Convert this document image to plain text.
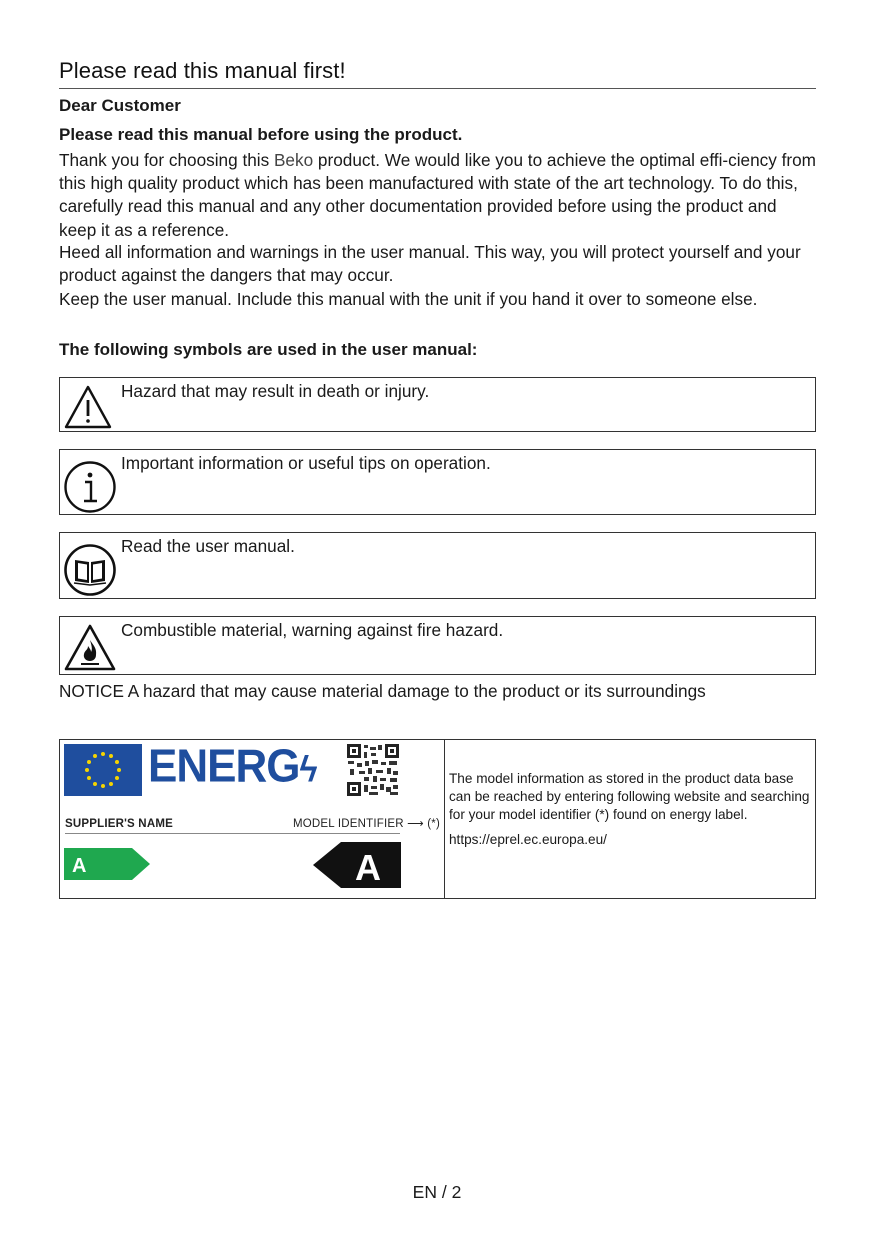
Please read this manual first!
Dear Customer
Please read this manual before using the product.
Thank you for choosing this Beko product. We would like you to achieve the optimal effi-ciency from this high quality product which has been manufactured with state of the art technology. To do this, carefully read this manual and any other documentation provided before using the product and keep it as a reference.
Heed all information and warnings in the user manual. This way, you will protect yourself and your product against the dangers that may occur.
Keep the user manual. Include this manual with the unit if you hand it over to someone else.
The following symbols are used in the user manual:
Hazard that may result in death or injury.
Important information or useful tips on operation.
Read the user manual.
Combustible material, warning against fire hazard.
NOTICE A hazard that may cause material damage to the product or its surroundings
ENERGϟ
SUPPLIER'S NAME	MODEL IDENTIFIER ⟶ (*)
A	A
The model information as stored in the product data base can be reached by entering following website and searching for your model identifier (*) found on energy label.
https://eprel.ec.europa.eu/
EN / 2
